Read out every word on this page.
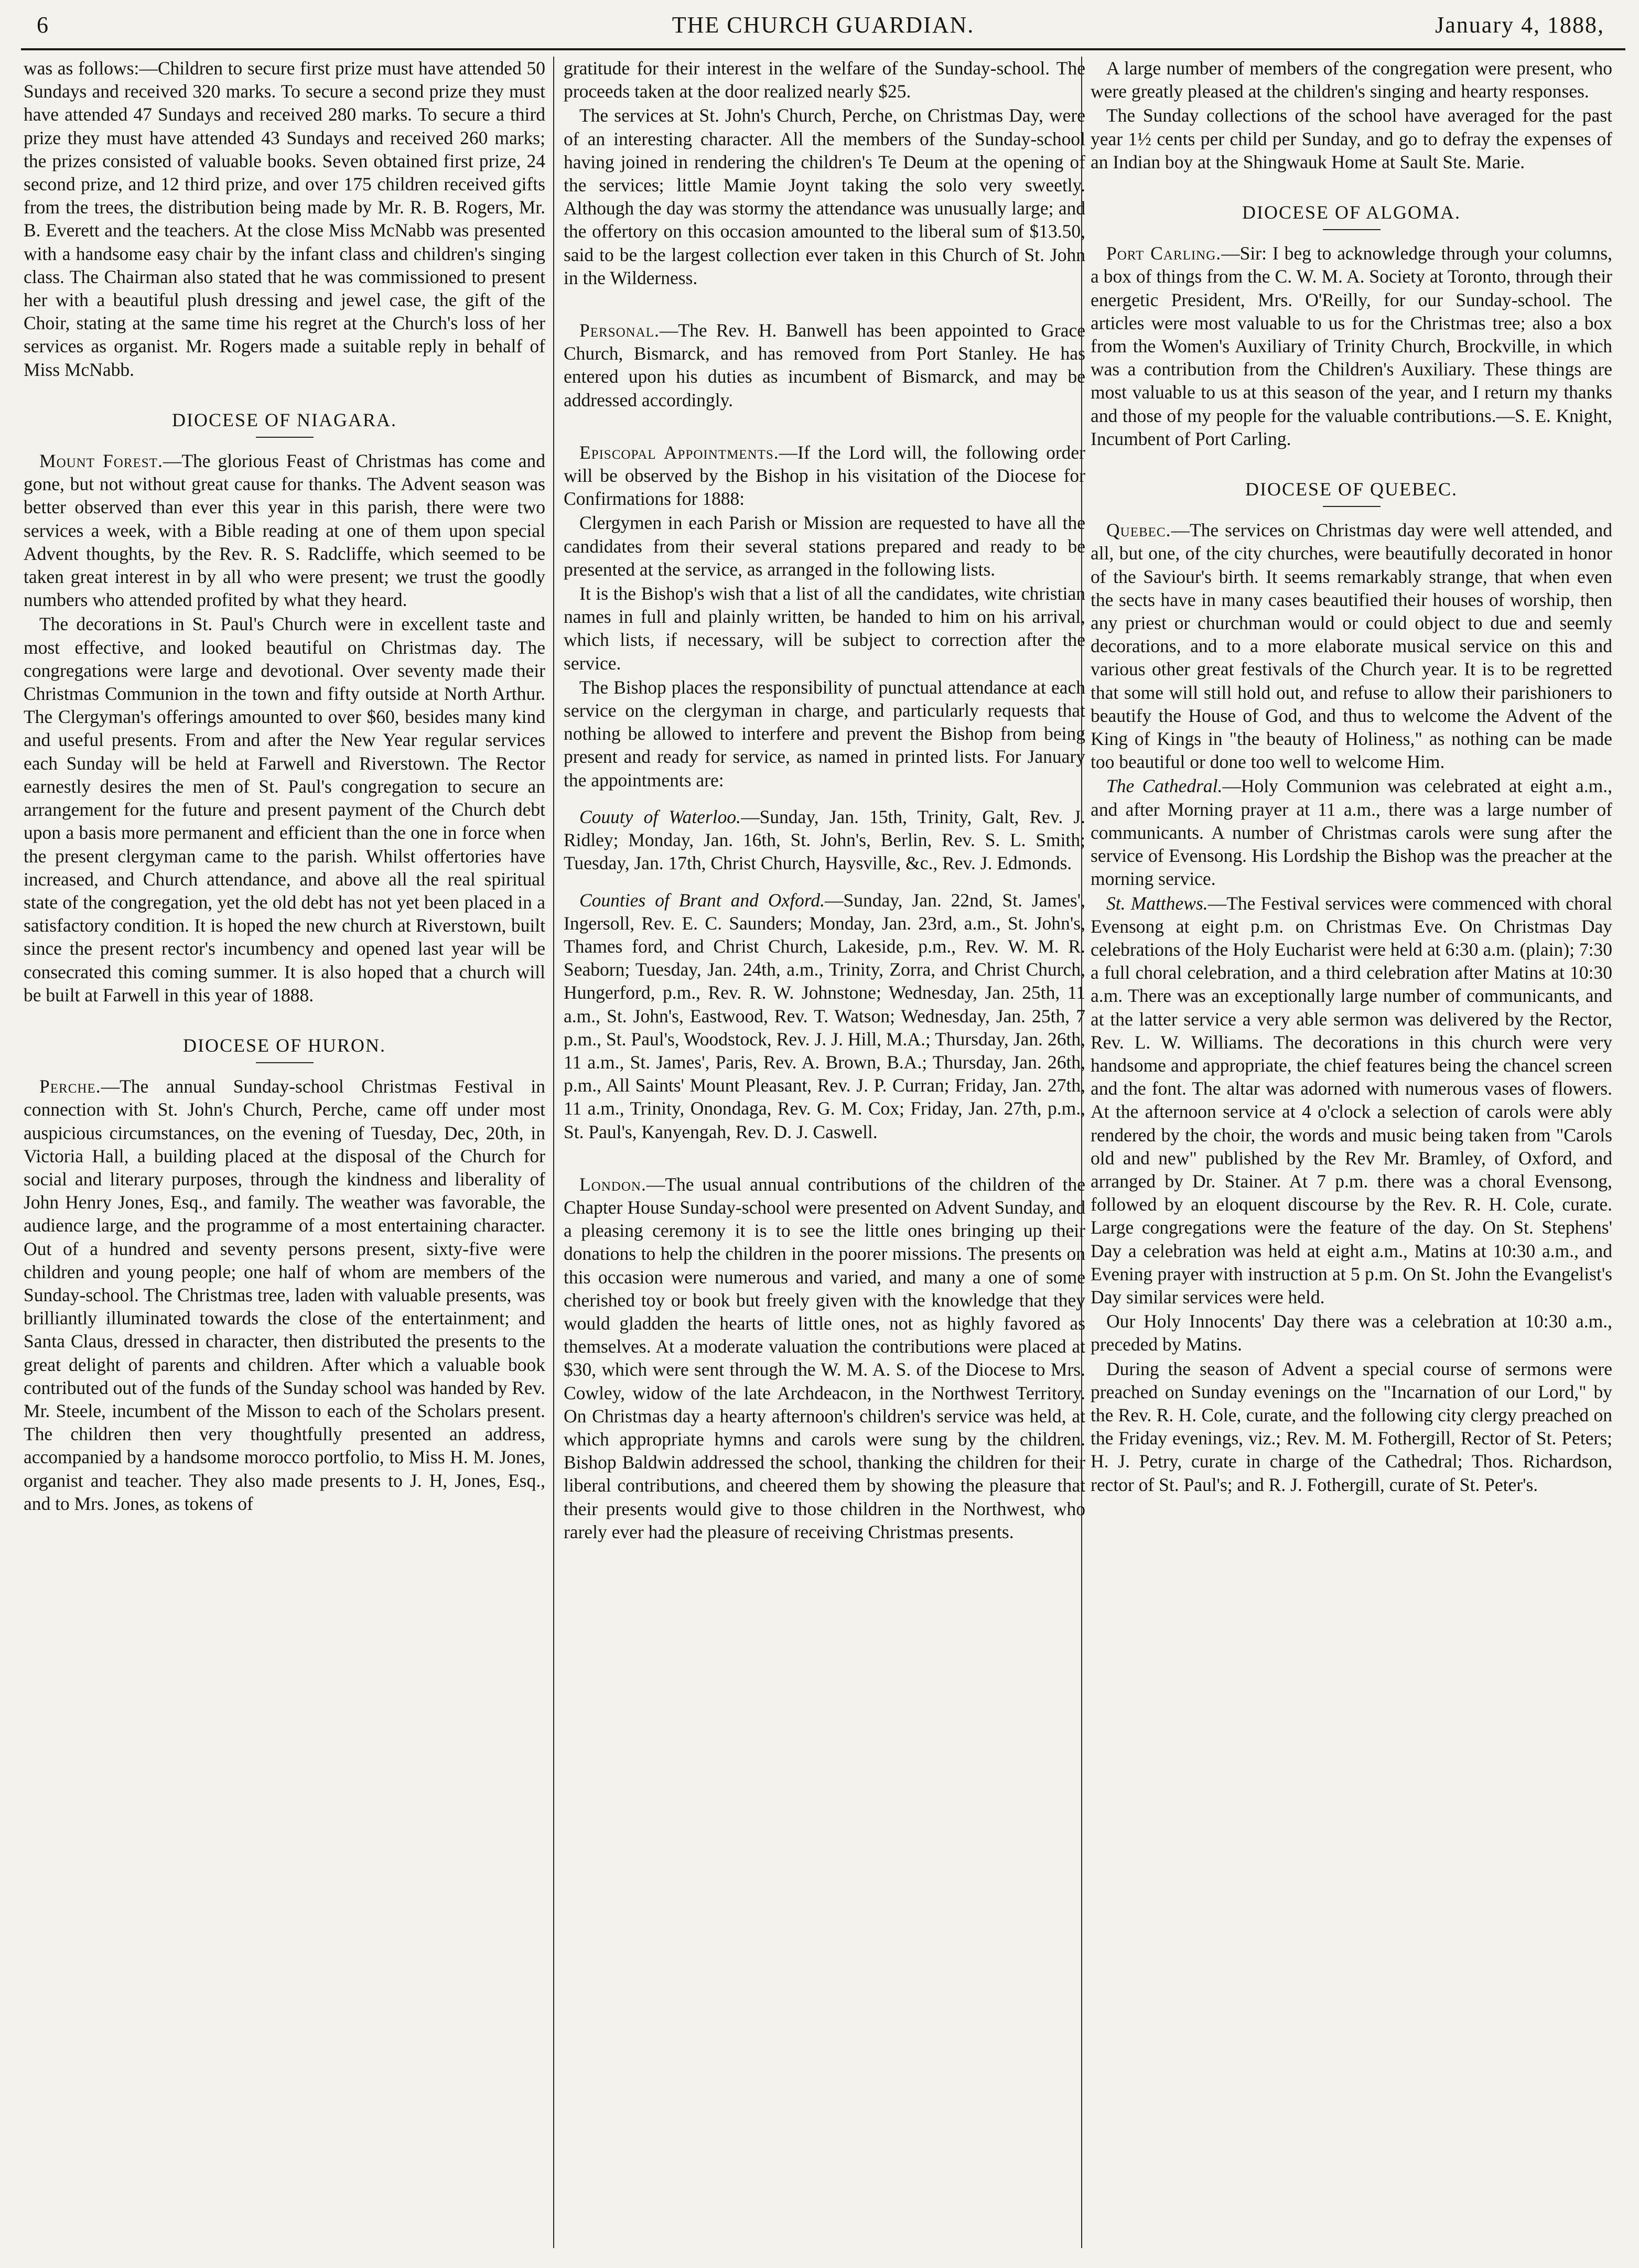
6	THE CHURCH GUARDIAN.	January 4, 1888,

was as follows:—Children to secure first prize must have attended 50 Sundays and received 320 marks. To secure a second prize they must have attended 47 Sundays and received 280 marks. To secure a third prize they must have attended 43 Sundays and received 260 marks; the prizes consisted of valuable books. Seven obtained first prize, 24 second prize, and 12 third prize, and over 175 children received gifts from the trees, the distribution being made by Mr. R. B. Rogers, Mr. B. Everett and the teachers. At the close Miss McNabb was presented with a handsome easy chair by the infant class and children's singing class. The Chairman also stated that he was commissioned to present her with a beautiful plush dressing and jewel case, the gift of the Choir, stating at the same time his regret at the Church's loss of her services as organist. Mr. Rogers made a suitable reply in behalf of Miss McNabb.

DIOCESE OF NIAGARA.

Mount Forest.—The glorious Feast of Christmas has come and gone, but not without great cause for thanks. The Advent season was better observed than ever this year in this parish, there were two services a week, with a Bible reading at one of them upon special Advent thoughts, by the Rev. R. S. Radcliffe, which seemed to be taken great interest in by all who were present; we trust the goodly numbers who attended profited by what they heard.

The decorations in St. Paul's Church were in excellent taste and most effective, and looked beautiful on Christmas day. The congregations were large and devotional. Over seventy made their Christmas Communion in the town and fifty outside at North Arthur. The Clergyman's offerings amounted to over $60, besides many kind and useful presents. From and after the New Year regular services each Sunday will be held at Farwell and Riverstown. The Rector earnestly desires the men of St. Paul's congregation to secure an arrangement for the future and present payment of the Church debt upon a basis more permanent and efficient than the one in force when the present clergyman came to the parish. Whilst offertories have increased, and Church attendance, and above all the real spiritual state of the congregation, yet the old debt has not yet been placed in a satisfactory condition. It is hoped the new church at Riverstown, built since the present rector's incumbency and opened last year will be consecrated this coming summer. It is also hoped that a church will be built at Farwell in this year of 1888.

DIOCESE OF HURON.

Perche.—The annual Sunday-school Christmas Festival in connection with St. John's Church, Perche, came off under most auspicious circumstances, on the evening of Tuesday, Dec, 20th, in Victoria Hall, a building placed at the disposal of the Church for social and literary purposes, through the kindness and liberality of John Henry Jones, Esq., and family. The weather was favorable, the audience large, and the programme of a most entertaining character. Out of a hundred and seventy persons present, sixty-five were children and young people; one half of whom are members of the Sunday-school. The Christmas tree, laden with valuable presents, was brilliantly illuminated towards the close of the entertainment; and Santa Claus, dressed in character, then distributed the presents to the great delight of parents and children. After which a valuable book contributed out of the funds of the Sunday school was handed by Rev. Mr. Steele, incumbent of the Misson to each of the Scholars present. The children then very thoughtfully presented an address, accompanied by a handsome morocco portfolio, to Miss H. M. Jones, organist and teacher. They also made presents to J. H, Jones, Esq., and to Mrs. Jones, as tokens of

gratitude for their interest in the welfare of the Sunday-school. The proceeds taken at the door realized nearly $25.

The services at St. John's Church, Perche, on Christmas Day, were of an interesting character. All the members of the Sunday-school having joined in rendering the children's Te Deum at the opening of the services; little Mamie Joynt taking the solo very sweetly. Although the day was stormy the attendance was unusually large; and the offertory on this occasion amounted to the liberal sum of $13.50, said to be the largest collection ever taken in this Church of St. John in the Wilderness.

Personal.—The Rev. H. Banwell has been appointed to Grace Church, Bismarck, and has removed from Port Stanley. He has entered upon his duties as incumbent of Bismarck, and may be addressed accordingly.

Episcopal Appointments.—If the Lord will, the following order will be observed by the Bishop in his visitation of the Diocese for Confirmations for 1888:

Clergymen in each Parish or Mission are requested to have all the candidates from their several stations prepared and ready to be presented at the service, as arranged in the following lists.

It is the Bishop's wish that a list of all the candidates, wite christian names in full and plainly written, be handed to him on his arrival, which lists, if necessary, will be subject to correction after the service.

The Bishop places the responsibility of punctual attendance at each service on the clergyman in charge, and particularly requests that nothing be allowed to interfere and prevent the Bishop from being present and ready for service, as named in printed lists. For January the appointments are:

Couuty of Waterloo.—Sunday, Jan. 15th, Trinity, Galt, Rev. J. Ridley; Monday, Jan. 16th, St. John's, Berlin, Rev. S. L. Smith; Tuesday, Jan. 17th, Christ Church, Haysville, &c., Rev. J. Edmonds.

Counties of Brant and Oxford.—Sunday, Jan. 22nd, St. James', Ingersoll, Rev. E. C. Saunders; Monday, Jan. 23rd, a.m., St. John's, Thames ford, and Christ Church, Lakeside, p.m., Rev. W. M. R. Seaborn; Tuesday, Jan. 24th, a.m., Trinity, Zorra, and Christ Church, Hungerford, p.m., Rev. R. W. Johnstone; Wednesday, Jan. 25th, 11 a.m., St. John's, Eastwood, Rev. T. Watson; Wednesday, Jan. 25th, 7 p.m., St. Paul's, Woodstock, Rev. J. J. Hill, M.A.; Thursday, Jan. 26th, 11 a.m., St. James', Paris, Rev. A. Brown, B.A.; Thursday, Jan. 26th, p.m., All Saints' Mount Pleasant, Rev. J. P. Curran; Friday, Jan. 27th, 11 a.m., Trinity, Onondaga, Rev. G. M. Cox; Friday, Jan. 27th, p.m., St. Paul's, Kanyengah, Rev. D. J. Caswell.

London.—The usual annual contributions of the children of the Chapter House Sunday-school were presented on Advent Sunday, and a pleasing ceremony it is to see the little ones bringing up their donations to help the children in the poorer missions. The presents on this occasion were numerous and varied, and many a one of some cherished toy or book but freely given with the knowledge that they would gladden the hearts of little ones, not as highly favored as themselves. At a moderate valuation the contributions were placed at $30, which were sent through the W. M. A. S. of the Diocese to Mrs. Cowley, widow of the late Archdeacon, in the Northwest Territory. On Christmas day a hearty afternoon's children's service was held, at which appropriate hymns and carols were sung by the children. Bishop Baldwin addressed the school, thanking the children for their liberal contributions, and cheered them by showing the pleasure that their presents would give to those children in the Northwest, who rarely ever had the pleasure of receiving Christmas presents.

A large number of members of the congregation were present, who were greatly pleased at the children's singing and hearty responses.

The Sunday collections of the school have averaged for the past year 1½ cents per child per Sunday, and go to defray the expenses of an Indian boy at the Shingwauk Home at Sault Ste. Marie.

DIOCESE OF ALGOMA.

Port Carling.—Sir: I beg to acknowledge through your columns, a box of things from the C. W. M. A. Society at Toronto, through their energetic President, Mrs. O'Reilly, for our Sunday-school. The articles were most valuable to us for the Christmas tree; also a box from the Women's Auxiliary of Trinity Church, Brockville, in which was a contribution from the Children's Auxiliary. These things are most valuable to us at this season of the year, and I return my thanks and those of my people for the valuable contributions.—S. E. Knight, Incumbent of Port Carling.

DIOCESE OF QUEBEC.

Quebec.—The services on Christmas day were well attended, and all, but one, of the city churches, were beautifully decorated in honor of the Saviour's birth. It seems remarkably strange, that when even the sects have in many cases beautified their houses of worship, then any priest or churchman would or could object to due and seemly decorations, and to a more elaborate musical service on this and various other great festivals of the Church year. It is to be regretted that some will still hold out, and refuse to allow their parishioners to beautify the House of God, and thus to welcome the Advent of the King of Kings in "the beauty of Holiness," as nothing can be made too beautiful or done too well to welcome Him.

The Cathedral.—Holy Communion was celebrated at eight a.m., and after Morning prayer at 11 a.m., there was a large number of communicants. A number of Christmas carols were sung after the service of Evensong. His Lordship the Bishop was the preacher at the morning service.

St. Matthews.—The Festival services were commenced with choral Evensong at eight p.m. on Christmas Eve. On Christmas Day celebrations of the Holy Eucharist were held at 6:30 a.m. (plain); 7:30 a full choral celebration, and a third celebration after Matins at 10:30 a.m. There was an exceptionally large number of communicants, and at the latter service a very able sermon was delivered by the Rector, Rev. L. W. Williams. The decorations in this church were very handsome and appropriate, the chief features being the chancel screen and the font. The altar was adorned with numerous vases of flowers. At the afternoon service at 4 o'clock a selection of carols were ably rendered by the choir, the words and music being taken from "Carols old and new" published by the Rev Mr. Bramley, of Oxford, and arranged by Dr. Stainer. At 7 p.m. there was a choral Evensong, followed by an eloquent discourse by the Rev. R. H. Cole, curate. Large congregations were the feature of the day. On St. Stephens' Day a celebration was held at eight a.m., Matins at 10:30 a.m., and Evening prayer with instruction at 5 p.m. On St. John the Evangelist's Day similar services were held.

Our Holy Innocents' Day there was a celebration at 10:30 a.m., preceded by Matins.

During the season of Advent a special course of sermons were preached on Sunday evenings on the "Incarnation of our Lord," by the Rev. R. H. Cole, curate, and the following city clergy preached on the Friday evenings, viz.; Rev. M. M. Fothergill, Rector of St. Peters; H. J. Petry, curate in charge of the Cathedral; Thos. Richardson, rector of St. Paul's; and R. J. Fothergill, curate of St. Peter's.
